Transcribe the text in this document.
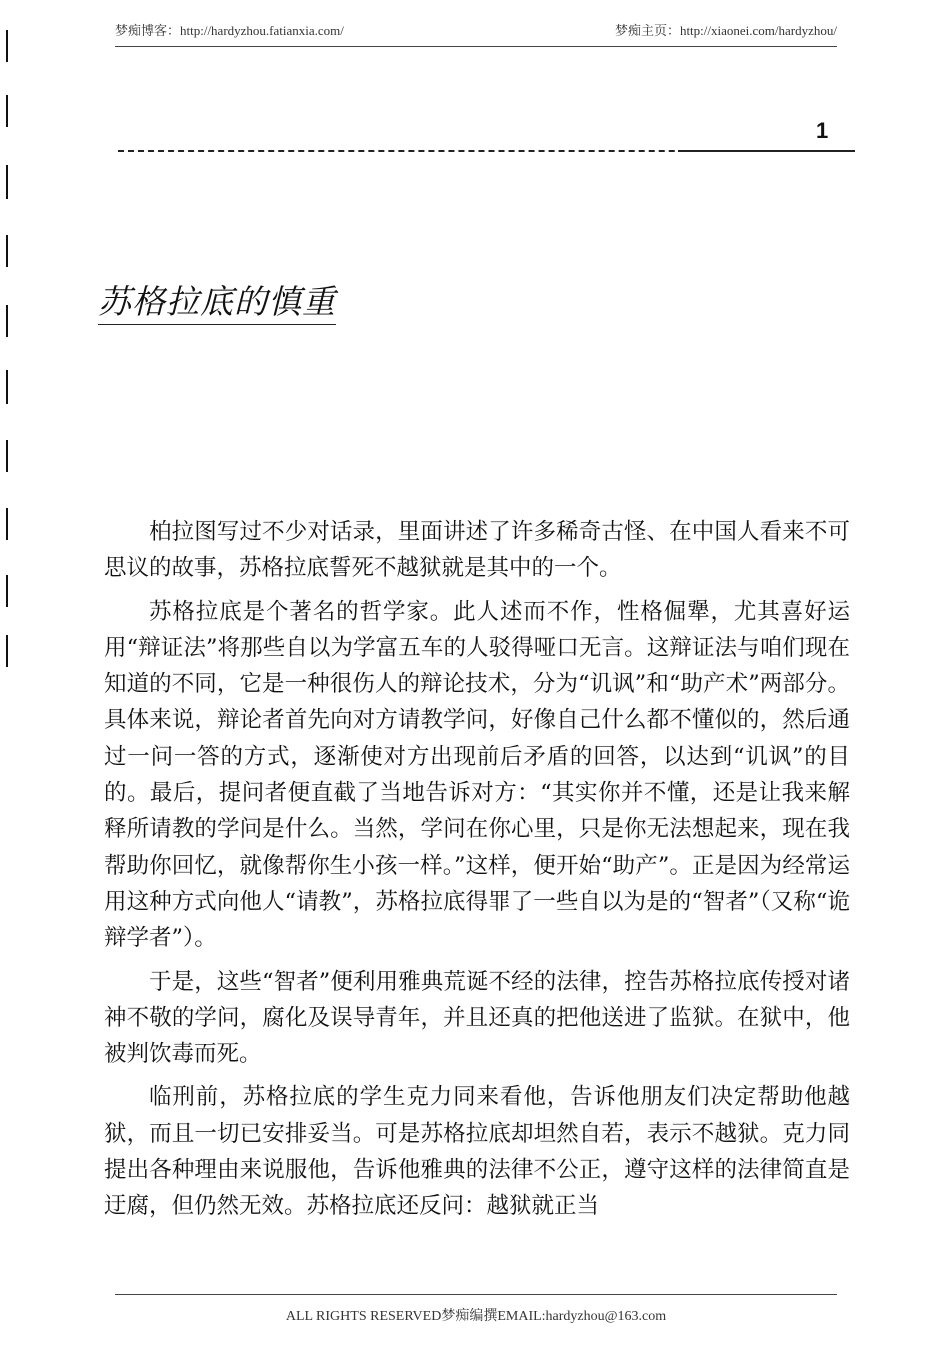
梦痴博客：http://hardyzhou.fatianxia.com/	梦痴主页：http://xiaonei.com/hardyzhou/
1
苏格拉底的慎重

柏拉图写过不少对话录，里面讲述了许多稀奇古怪、在中国人看来不可思议的故事，苏格拉底誓死不越狱就是其中的一个。

苏格拉底是个著名的哲学家。此人述而不作，性格倔犟，尤其喜好运用“辩证法”将那些自以为学富五车的人驳得哑口无言。这辩证法与咱们现在知道的不同，它是一种很伤人的辩论技术，分为“讥讽”和“助产术”两部分。具体来说，辩论者首先向对方请教学问，好像自己什么都不懂似的，然后通过一问一答的方式，逐渐使对方出现前后矛盾的回答，以达到“讥讽”的目的。最后，提问者便直截了当地告诉对方：“其实你并不懂，还是让我来解释所请教的学问是什么。当然，学问在你心里，只是你无法想起来，现在我帮助你回忆，就像帮你生小孩一样。”这样，便开始“助产”。正是因为经常运用这种方式向他人“请教”，苏格拉底得罪了一些自以为是的“智者”（又称“诡辩学者”）。

于是，这些“智者”便利用雅典荒诞不经的法律，控告苏格拉底传授对诸神不敬的学问，腐化及误导青年，并且还真的把他送进了监狱。在狱中，他被判饮毒而死。

临刑前，苏格拉底的学生克力同来看他，告诉他朋友们决定帮助他越狱，而且一切已安排妥当。可是苏格拉底却坦然自若，表示不越狱。克力同提出各种理由来说服他，告诉他雅典的法律不公正，遵守这样的法律简直是迂腐，但仍然无效。苏格拉底还反问：越狱就正当

ALL RIGHTS RESERVED梦痴编撰EMAIL:hardyzhou@163.com
